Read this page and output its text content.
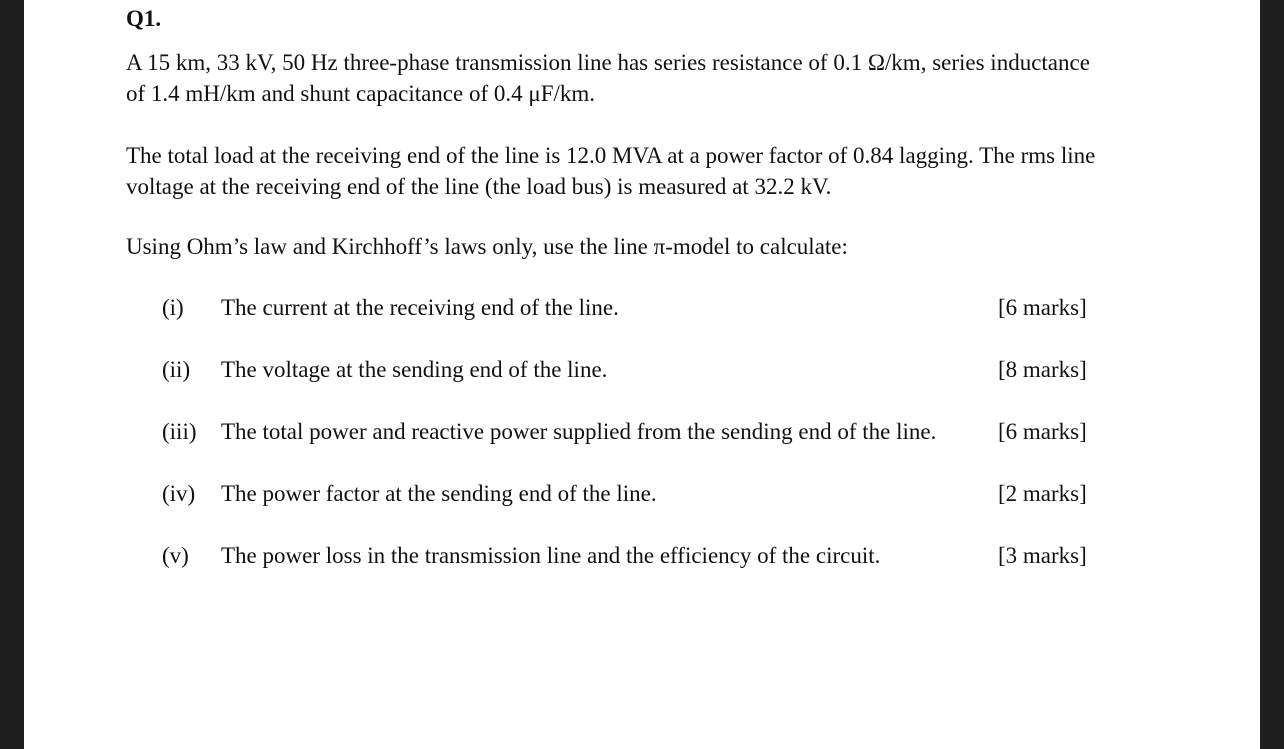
Q1.
A 15 km, 33 kV, 50 Hz three-phase transmission line has series resistance of 0.1 Ω/km, series inductance
of 1.4 mH/km and shunt capacitance of 0.4 μF/km.
The total load at the receiving end of the line is 12.0 MVA at a power factor of 0.84 lagging. The rms line
voltage at the receiving end of the line (the load bus) is measured at 32.2 kV.
Using Ohm’s law and Kirchhoff’s laws only, use the line π-model to calculate:
(i) The current at the receiving end of the line.	[6 marks]
(ii) The voltage at the sending end of the line.	[8 marks]
(iii) The total power and reactive power supplied from the sending end of the line.	[6 marks]
(iv) The power factor at the sending end of the line.	[2 marks]
(v) The power loss in the transmission line and the efficiency of the circuit.	[3 marks]
